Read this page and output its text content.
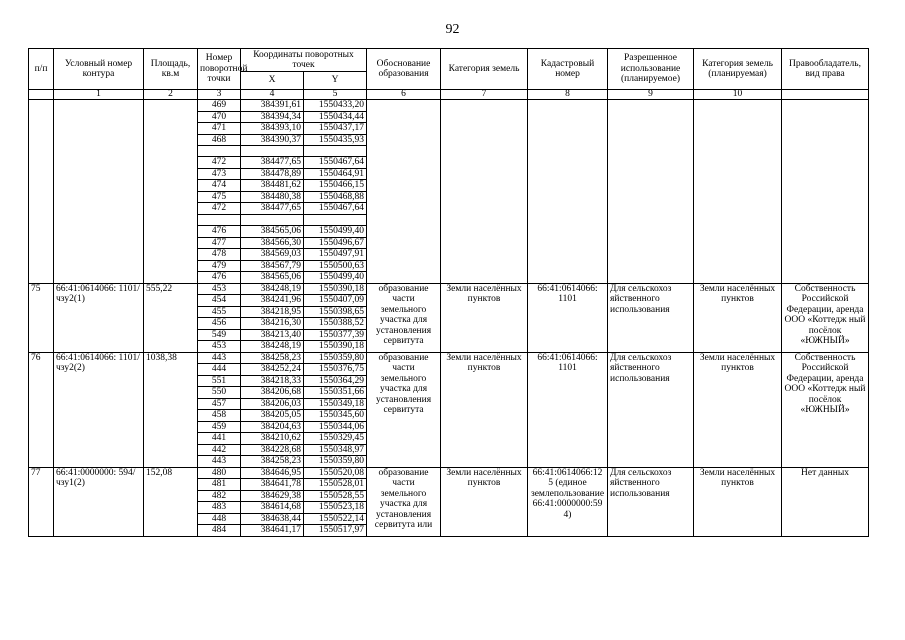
92
п/п	Условный номер контура	Площадь, кв.м	Номер поворотной точки	Координаты поворотных точек		Обоснование образования	Категория земель	Кадастровый номер	Разрешенное использование (планируемое)	Категория земель (планируемая)	Правообладатель, вид права
				X	Y						
	1	2	3	4	5	6	7	8	9	10	
			469	384391,61	1550433,20						
			470	384394,34	1550434,44						
			471	384393,10	1550437,17						
			468	384390,37	1550435,93						

			472	384477,65	1550467,64						
			473	384478,89	1550464,91						
			474	384481,62	1550466,15						
			475	384480,38	1550468,88						
			472	384477,65	1550467,64						

			476	384565,06	1550499,40						
			477	384566,30	1550496,67						
			478	384569,03	1550497,91						
			479	384567,79	1550500,63						
			476	384565,06	1550499,40						
75	66:41:0614066: 1101/чзу2(1)	555,22	453	384248,19	1550390,18	образование части земельного участка для установления сервитута	Земли населённых пунктов	66:41:0614066: 1101	Для сельскохоз яйственного использования	Земли населённых пунктов	Собственность Российской Федерации, аренда ООО «Коттедж ный посёлок «ЮЖНЫЙ»
			454	384241,96	1550407,09						
			455	384218,95	1550398,65						
			456	384216,30	1550388,52						
			549	384213,40	1550377,39						
			453	384248,19	1550390,18						
76	66:41:0614066: 1101/чзу2(2)	1038,38	443	384258,23	1550359,80	образование части земельного участка для установления сервитута	Земли населённых пунктов	66:41:0614066: 1101	Для сельскохоз яйственного использования	Земли населённых пунктов	Собственность Российской Федерации, аренда ООО «Коттедж ный посёлок «ЮЖНЫЙ»
			444	384252,24	1550376,75						
			551	384218,33	1550364,29						
			550	384206,68	1550351,66						
			457	384206,03	1550349,18						
			458	384205,05	1550345,60						
			459	384204,63	1550344,06						
			441	384210,62	1550329,45						
			442	384228,68	1550348,97						
			443	384258,23	1550359,80						
77	66:41:0000000: 594/чзу1(2)	152,08	480	384646,95	1550520,08	образование части земельного участка для установления сервитута или	Земли населённых пунктов	66:41:0614066:12 5 (единое землепользование 66:41:0000000:59 4)	Для сельскохоз яйственного использования	Земли населённых пунктов	Нет данных
			481	384641,78	1550528,01						
			482	384629,38	1550528,55						
			483	384614,68	1550523,18						
			448	384638,44	1550522,14						
			484	384641,17	1550517,97						
